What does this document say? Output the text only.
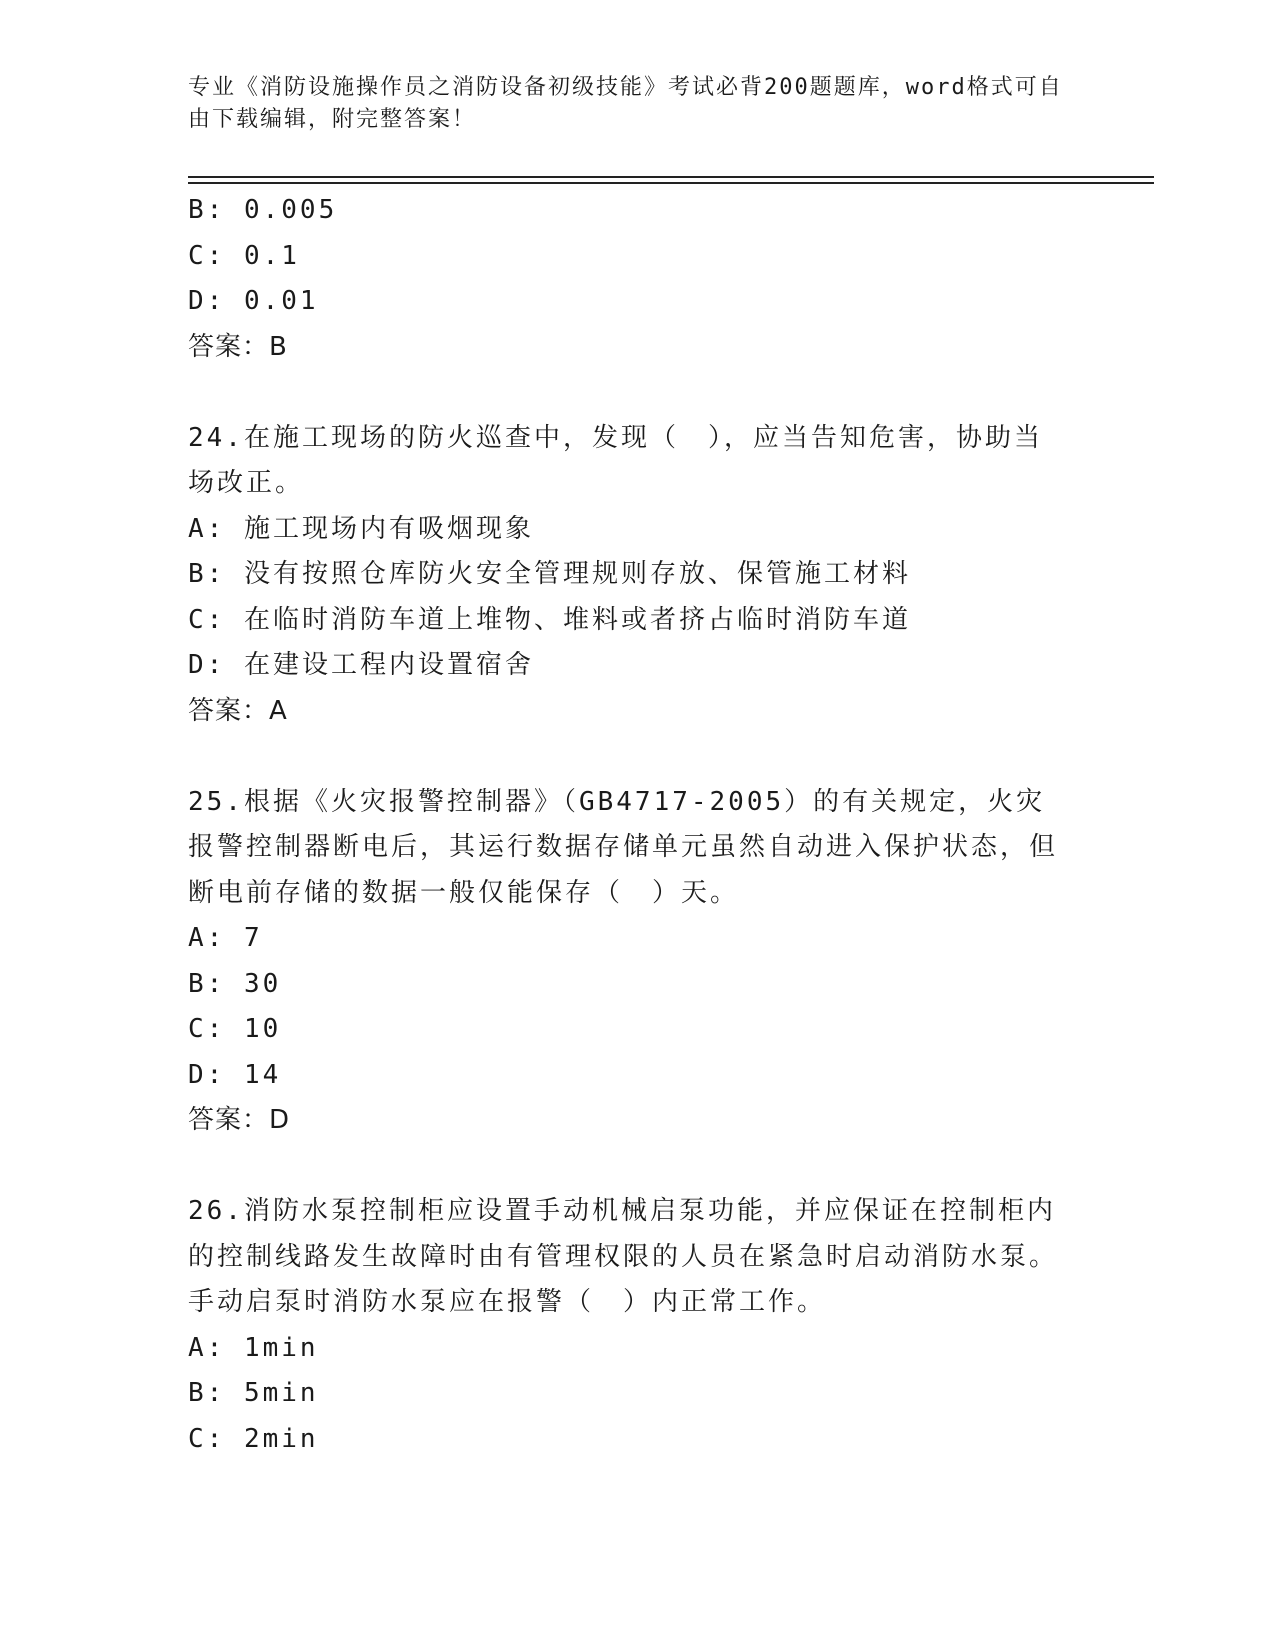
专业《消防设施操作员之消防设备初级技能》考试必背200题题库，word格式可自由下载编辑，附完整答案！
B: 0.005
C: 0.1
D: 0.01
答案：B
24.在施工现场的防火巡查中，发现（　），应当告知危害，协助当场改正。
A: 施工现场内有吸烟现象
B: 没有按照仓库防火安全管理规则存放、保管施工材料
C: 在临时消防车道上堆物、堆料或者挤占临时消防车道
D: 在建设工程内设置宿舍
答案：A
25.根据《火灾报警控制器》（GB4717-2005）的有关规定，火灾报警控制器断电后，其运行数据存储单元虽然自动进入保护状态，但断电前存储的数据一般仅能保存（　）天。
A: 7
B: 30
C: 10
D: 14
答案：D
26.消防水泵控制柜应设置手动机械启泵功能，并应保证在控制柜内的控制线路发生故障时由有管理权限的人员在紧急时启动消防水泵。手动启泵时消防水泵应在报警（　）内正常工作。
A: 1min
B: 5min
C: 2min
